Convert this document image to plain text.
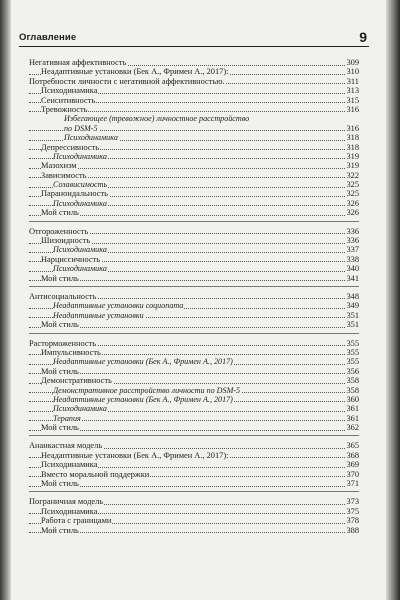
Оглавление	9
Негативная аффективность	309
Неадаптивные установки (Бек А., Фримен А., 2017):	310
Потребности личности с негативной аффективностью.	311
Психодинамика	313
Сенситивность	315
Тревожность	316
Избегающее (тревожное) личностное расстройство
по DSM-5	316
Психодинамика	318
Депрессивность	318
Психодинамика	319
Мазохизм	319
Зависимость	322
Созависимость	325
Параноидальность	325
Психодинамика	326
Мой стиль	326
Отгороженность	336
Шизоидность	336
Психодинамика	337
Нарциссичность	338
Психодинамика	340
Мой стиль	341
Антисоциальность	348
Неадаптивные установки социопата	349
Неадаптивные установки	351
Мой стиль	351
Расторможенность	355
Импульсивность	355
Неадаптивные установки (Бек А., Фримен А., 2017)	355
Мой стиль	356
Демонстративность	358
Демонстративное расстройство личности по DSM-5	358
Неадаптивные установки (Бек А., Фримен А., 2017)	360
Психодинамика	361
Терапия	361
Мой стиль	362
Ананкастная модель	365
Неадаптивные установки (Бек А., Фримен А., 2017):	368
Психодинамика	369
Вместо моральной поддержки	370
Мой стиль	371
Пограничная модель	373
Психодинамика	375
Работа с границами	378
Мой стиль	388
